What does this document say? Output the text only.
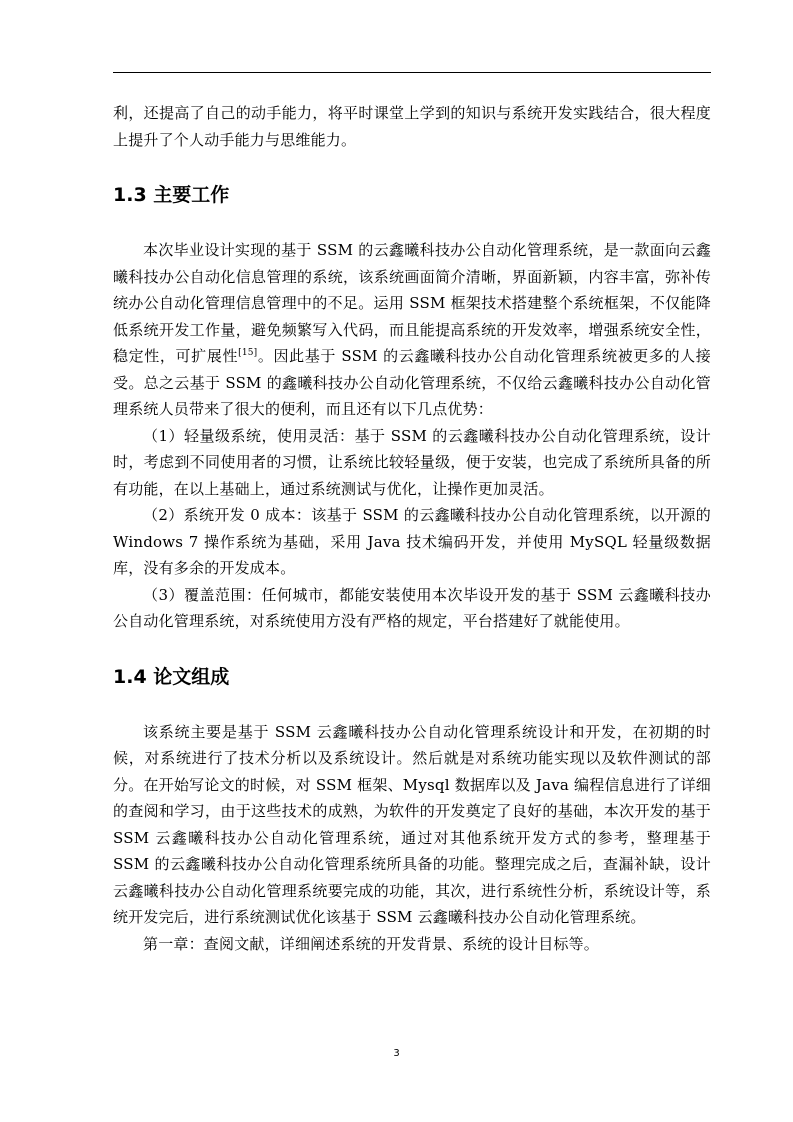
利，还提高了自己的动手能力，将平时课堂上学到的知识与系统开发实践结合，很大程度上提升了个人动手能力与思维能力。

1.3 主要工作

本次毕业设计实现的基于 SSM 的云鑫曦科技办公自动化管理系统，是一款面向云鑫曦科技办公自动化信息管理的系统，该系统画面简介清晰，界面新颖，内容丰富，弥补传统办公自动化管理信息管理中的不足。运用 SSM 框架技术搭建整个系统框架，不仅能降低系统开发工作量，避免频繁写入代码，而且能提高系统的开发效率，增强系统安全性，稳定性，可扩展性[15]。因此基于 SSM 的云鑫曦科技办公自动化管理系统被更多的人接受。总之云基于 SSM 的鑫曦科技办公自动化管理系统，不仅给云鑫曦科技办公自动化管理系统人员带来了很大的便利，而且还有以下几点优势：

（1）轻量级系统，使用灵活：基于 SSM 的云鑫曦科技办公自动化管理系统，设计时，考虑到不同使用者的习惯，让系统比较轻量级，便于安装，也完成了系统所具备的所有功能，在以上基础上，通过系统测试与优化，让操作更加灵活。

（2）系统开发 0 成本：该基于 SSM 的云鑫曦科技办公自动化管理系统，以开源的 Windows 7 操作系统为基础，采用 Java 技术编码开发，并使用 MySQL 轻量级数据库，没有多余的开发成本。

（3）覆盖范围：任何城市，都能安装使用本次毕设开发的基于 SSM 云鑫曦科技办公自动化管理系统，对系统使用方没有严格的规定，平台搭建好了就能使用。

1.4 论文组成

该系统主要是基于 SSM 云鑫曦科技办公自动化管理系统设计和开发，在初期的时候，对系统进行了技术分析以及系统设计。然后就是对系统功能实现以及软件测试的部分。在开始写论文的时候，对 SSM 框架、Mysql 数据库以及 Java 编程信息进行了详细的查阅和学习，由于这些技术的成熟，为软件的开发奠定了良好的基础，本次开发的基于 SSM 云鑫曦科技办公自动化管理系统，通过对其他系统开发方式的参考，整理基于 SSM 的云鑫曦科技办公自动化管理系统所具备的功能。整理完成之后，查漏补缺，设计云鑫曦科技办公自动化管理系统要完成的功能，其次，进行系统性分析，系统设计等，系统开发完后，进行系统测试优化该基于 SSM 云鑫曦科技办公自动化管理系统。

第一章：查阅文献，详细阐述系统的开发背景、系统的设计目标等。

3
